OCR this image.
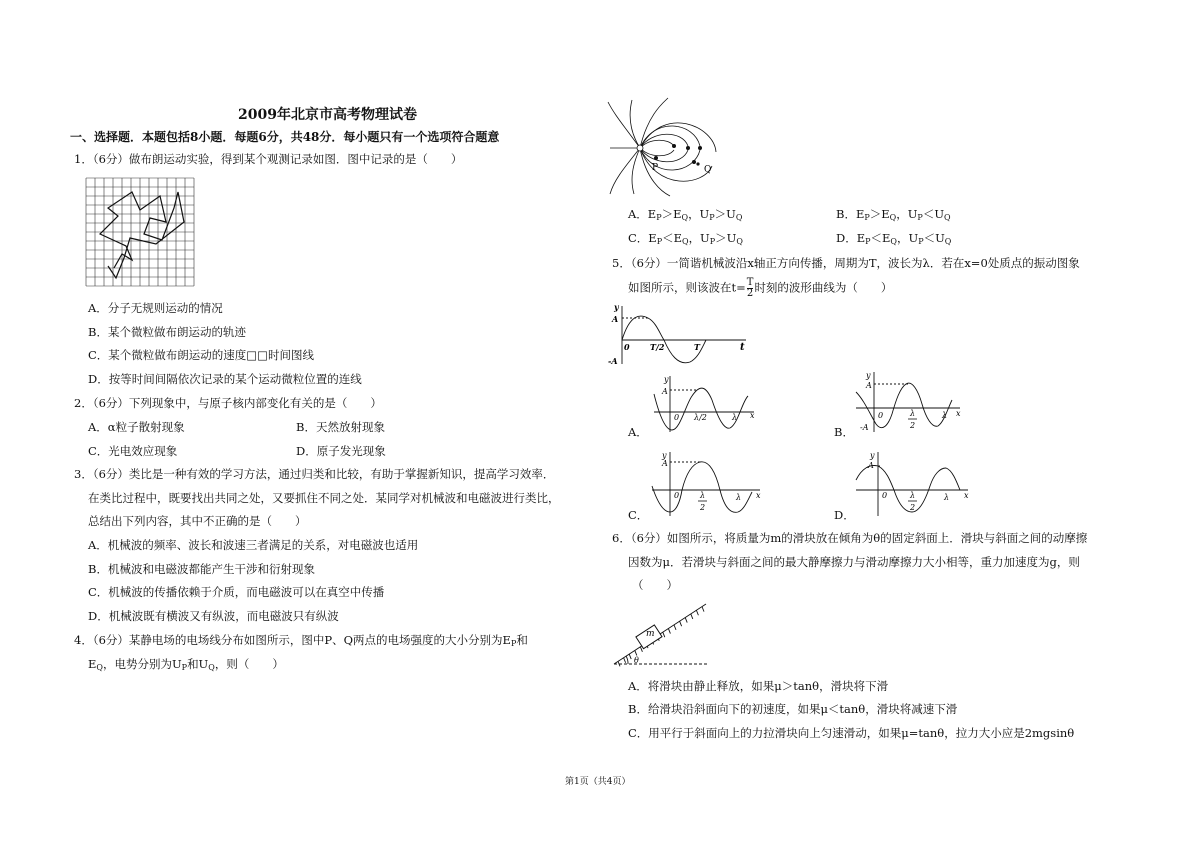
2009年北京市高考物理试卷
一、选择题．本题包括8小题．每题6分，共48分．每小题只有一个选项符合题意
1．（6分）做布朗运动实验，得到某个观测记录如图．图中记录的是（　　）
A．分子无规则运动的情况
B．某个微粒做布朗运动的轨迹
C．某个微粒做布朗运动的速度□□时间图线
D．按等时间间隔依次记录的某个运动微粒位置的连线
2．（6分）下列现象中，与原子核内部变化有关的是（　　）
A．α粒子散射现象	B．天然放射现象
C．光电效应现象	D．原子发光现象
3．（6分）类比是一种有效的学习方法，通过归类和比较，有助于掌握新知识，提高学习效率．
在类比过程中，既要找出共同之处，又要抓住不同之处．某同学对机械波和电磁波进行类比，
总结出下列内容，其中不正确的是（　　）
A．机械波的频率、波长和波速三者满足的关系，对电磁波也适用
B．机械波和电磁波都能产生干涉和衍射现象
C．机械波的传播依赖于介质，而电磁波可以在真空中传播
D．机械波既有横波又有纵波，而电磁波只有纵波
4．（6分）某静电场的电场线分布如图所示，图中P、Q两点的电场强度的大小分别为$E_P$和
$E_Q$，电势分别为$U_P$和$U_Q$，则（　　）
P	Q
A．$E_P>E_Q$，$U_P>U_Q$	B．$E_P>E_Q$，$U_P<U_Q$
C．$E_P<E_Q$，$U_P>U_Q$	D．$E_P<E_Q$，$U_P<U_Q$
5．（6分）一简谐机械波沿x轴正方向传播，周期为T，波长为λ．若在x=0处质点的振动图象
如图所示，则该波在$t= \frac{T}{2}$ 时刻的波形曲线为（　　）
y
A
-A
0	T/2	T	t
A．
y
A
0 λ/2	λ x
B．
y
A
-A
0	λ
2
λ x
C．
y
A
0	λ
2
λ x
D．
y
A
0	λ
2
λ x
6．（6分）如图所示，将质量为m的滑块放在倾角为θ的固定斜面上．滑块与斜面之间的动摩擦
因数为μ．若滑块与斜面之间的最大静摩擦力与滑动摩擦力大小相等，重力加速度为g，则
（　　）
m
θ
A．将滑块由静止释放，如果μ＞tanθ，滑块将下滑
B．给滑块沿斜面向下的初速度，如果μ＜tanθ，滑块将减速下滑
C．用平行于斜面向上的力拉滑块向上匀速滑动，如果μ=tanθ，拉力大小应是2mgsinθ
第1页（共4页）
